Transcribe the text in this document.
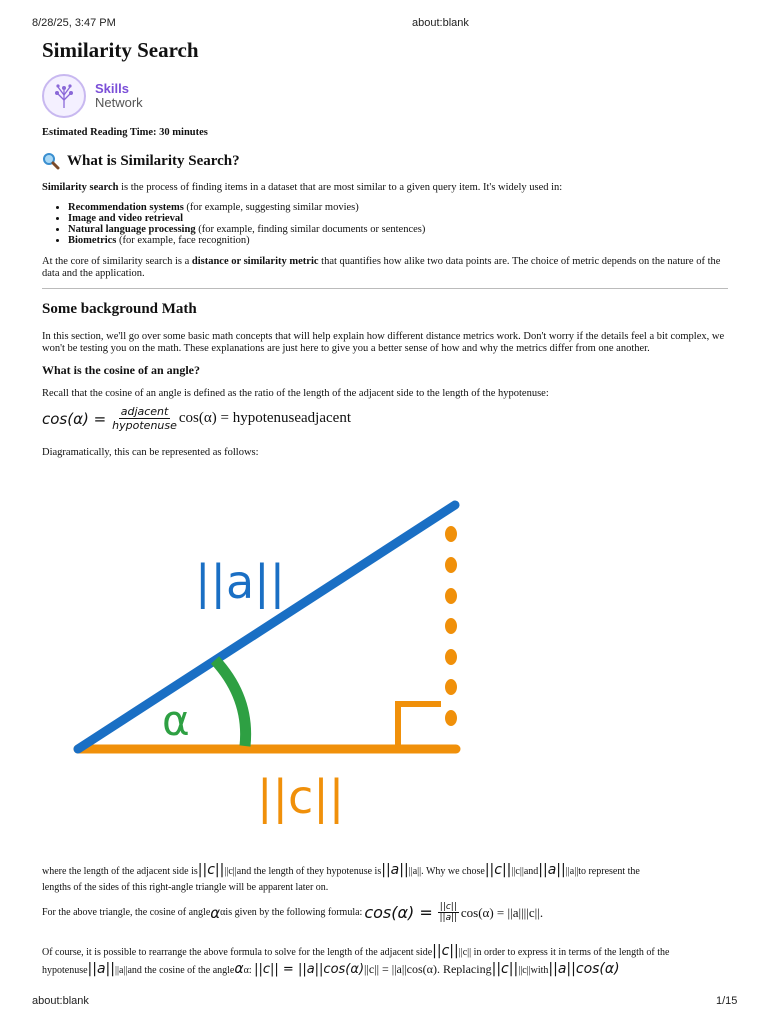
8/28/25, 3:47 PM	about:blank
Similarity Search
Skills
Network
Estimated Reading Time: 30 minutes
What is Similarity Search?
Similarity search is the process of finding items in a dataset that are most similar to a given query item. It's widely used in:
• Recommendation systems (for example, suggesting similar movies)
• Image and video retrieval
• Natural language processing (for example, finding similar documents or sentences)
• Biometrics (for example, face recognition)
At the core of similarity search is a distance or similarity metric that quantifies how alike two data points are. The choice of metric depends on the nature of the data and the application.
Some background Math
In this section, we'll go over some basic math concepts that will help explain how different distance metrics work. Don't worry if the details feel a bit complex, we won't be testing you on the math. These explanations are just here to give you a better sense of how and why the metrics differ from one another.
What is the cosine of an angle?
Recall that the cosine of an angle is defined as the ratio of the length of the adjacent side to the length of the hypotenuse:
cos(α) = adjacent
hypotenuse cos(α) = hypotenuseadjacent
Diagramatically, this can be represented as follows:
α
||a||
||c||
where the length of the adjacent side is||c||||c||and the length of they hypotenuse is||a||||a||. Why we chose||c||||c||and||a||||a||to represent the
lengths of the sides of this right-angle triangle will be apparent later on.
For the above triangle, the cosine of angle α αis given by the following formula: $\cos(\alpha) = \frac{||c||}{||a||} \cos(\alpha) = ||a||||c||$.
Of course, it is possible to rearrange the above formula to solve for the length of the adjacent side||c||||c|| in order to express it in terms of the length of the
hypotenuse||a||||a||and the cosine of the angleαα: ||c|| = ||a||cos(α)||c|| = ||a||cos(α). Replacing||c||||c||with||a||cos(α)
about:blank	1/15
